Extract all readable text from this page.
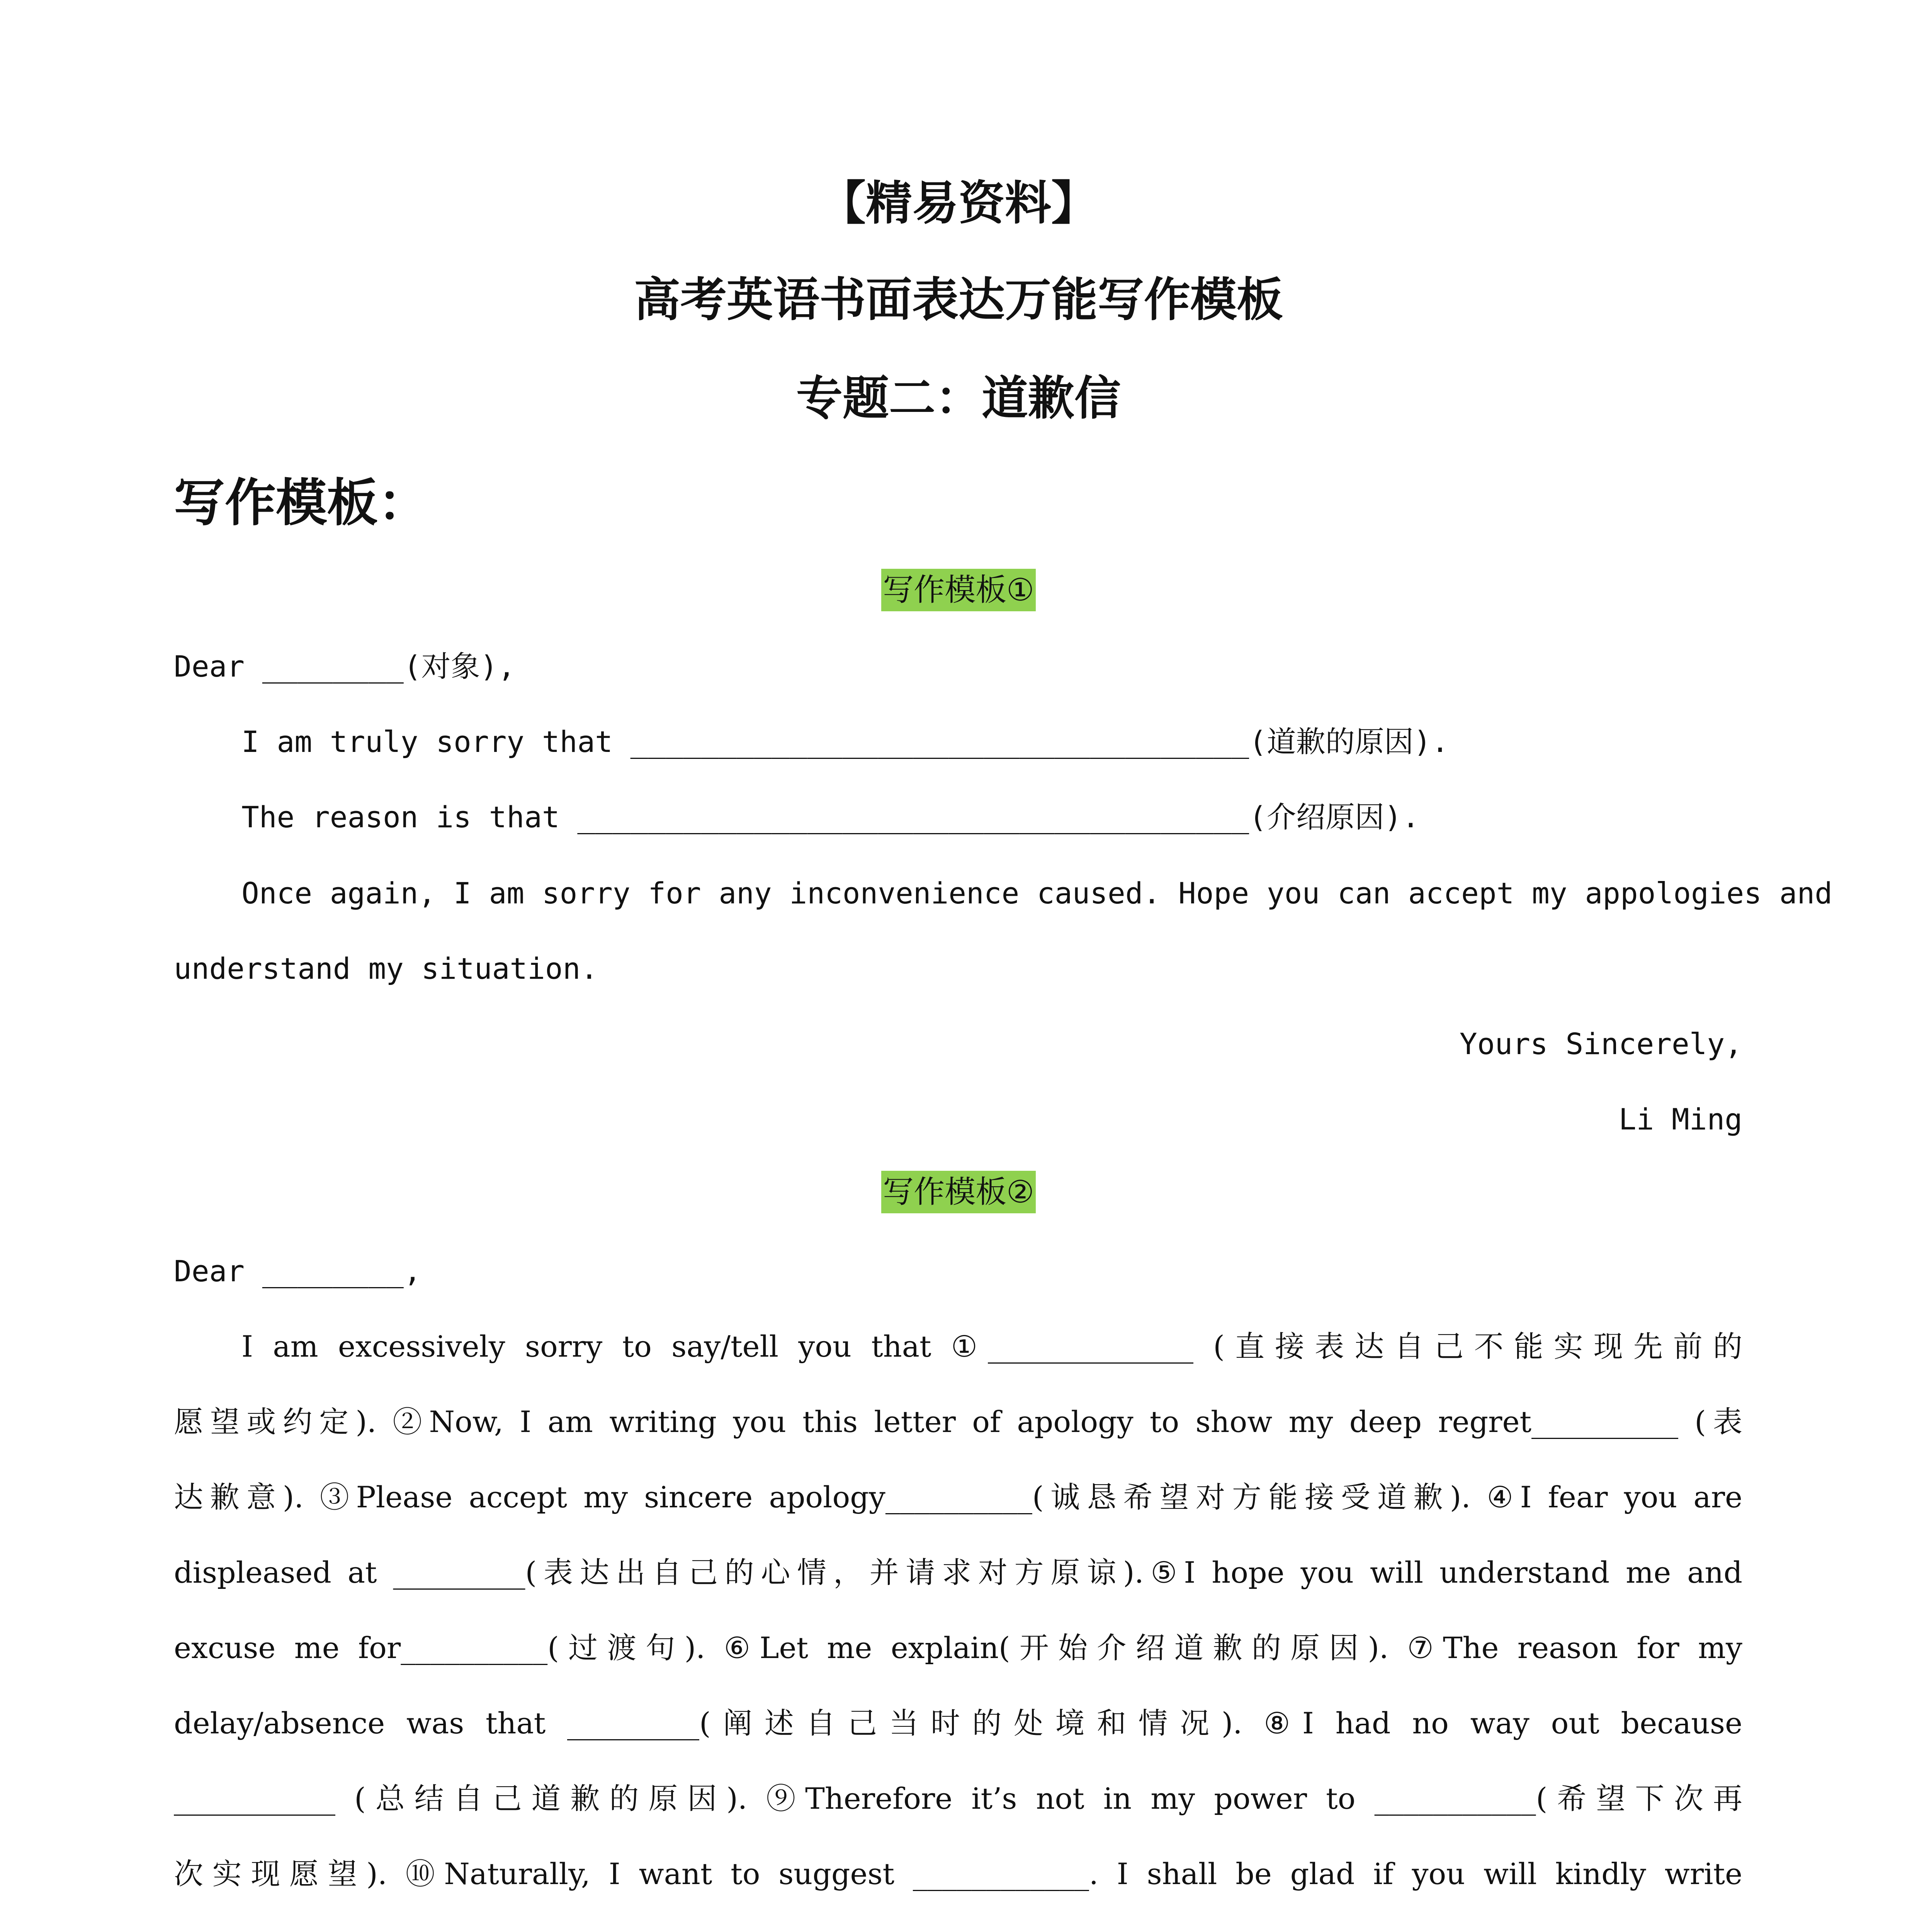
【精易资料】
高考英语书面表达万能写作模板
专题二：道歉信
写作模板：
写作模板①
Dear ________(对象),
I am truly sorry that ___________________________________(道歉的原因).
The reason is that ______________________________________(介绍原因).
Once again, I am sorry for any inconvenience caused. Hope you can accept my appologies and
understand my situation.
Yours Sincerely,
Li Ming
写作模板②
Dear ________,
I am excessively sorry to say/tell you that ①______________ (直接表达自己不能实现先前的
愿望或约定). ②Now, I am writing you this letter of apology to show my deep regret__________ (表
达歉意). ③Please accept my sincere apology__________(诚恳希望对方能接受道歉). ④I fear you are
displeased at _________(表达出自己的心情，并请求对方原谅).⑤I hope you will understand me and
excuse me for__________(过渡句). ⑥Let me explain(开始介绍道歉的原因). ⑦The reason for my
delay/absence was that _________(阐述自己当时的处境和情况). ⑧I had no way out because
___________ (总结自己道歉的原因). ⑨Therefore it’s not in my power to ___________(希望下次再
次实现愿望). ⑩Naturally, I want to suggest ____________. I shall be glad if you will kindly write
